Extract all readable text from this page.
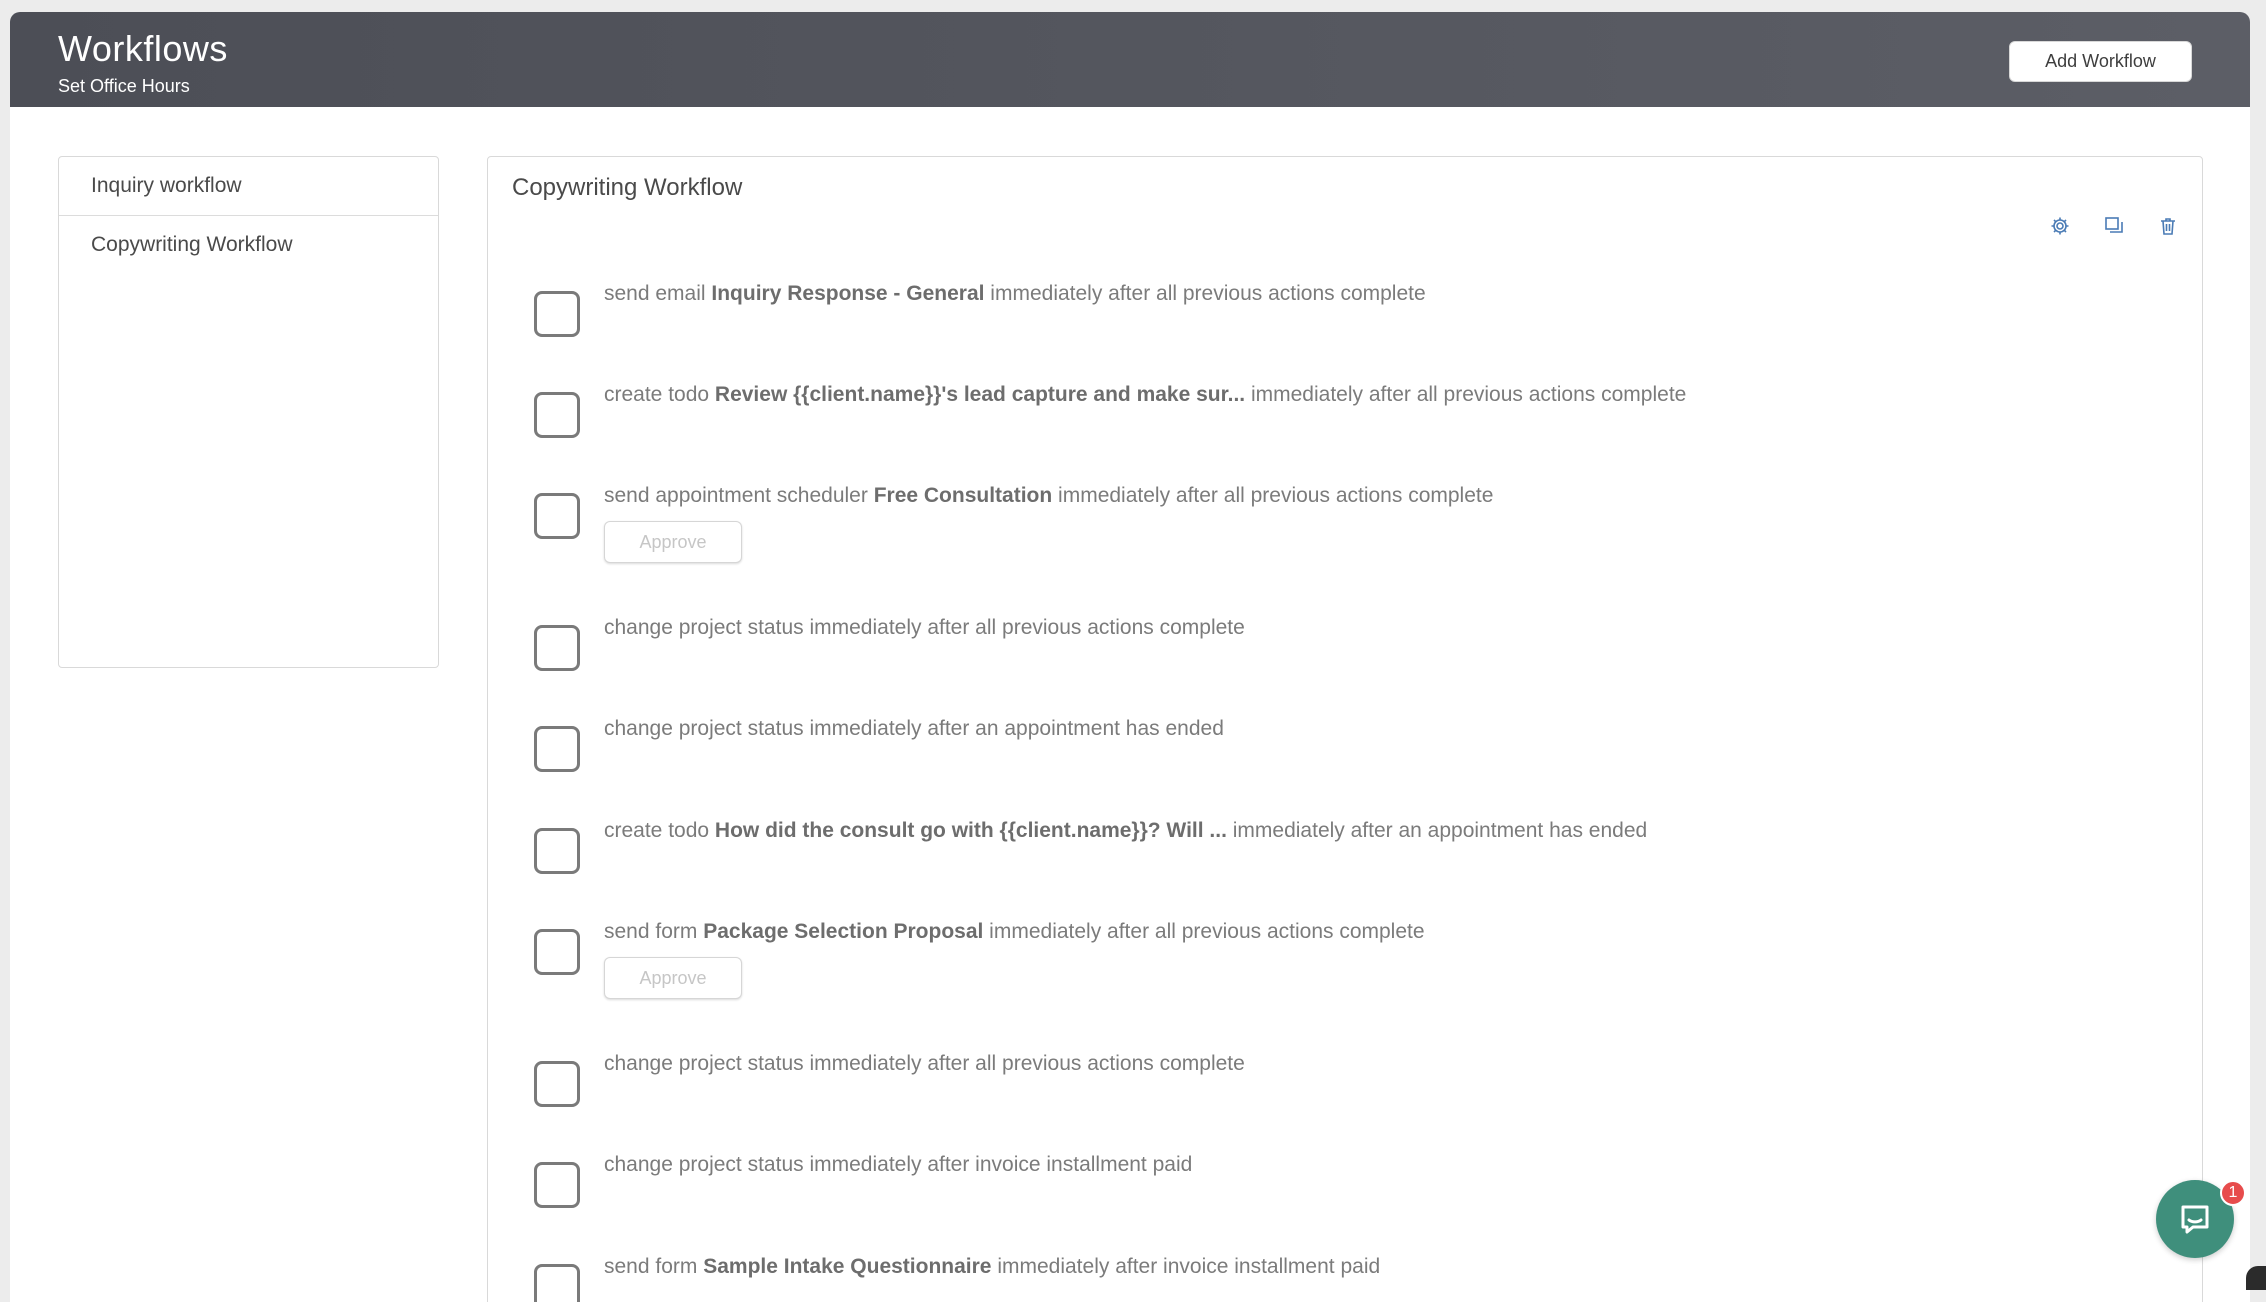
Workflows
Set Office Hours
Add Workflow
Inquiry workflow
Copywriting Workflow
Copywriting Workflow
send email Inquiry Response - General immediately after all previous actions complete
create todo Review {{client.name}}'s lead capture and make sur... immediately after all previous actions complete
send appointment scheduler Free Consultation immediately after all previous actions complete
Approve
change project status immediately after all previous actions complete
change project status immediately after an appointment has ended
create todo How did the consult go with {{client.name}}? Will ... immediately after an appointment has ended
send form Package Selection Proposal immediately after all previous actions complete
Approve
change project status immediately after all previous actions complete
change project status immediately after invoice installment paid
send form Sample Intake Questionnaire immediately after invoice installment paid
1
